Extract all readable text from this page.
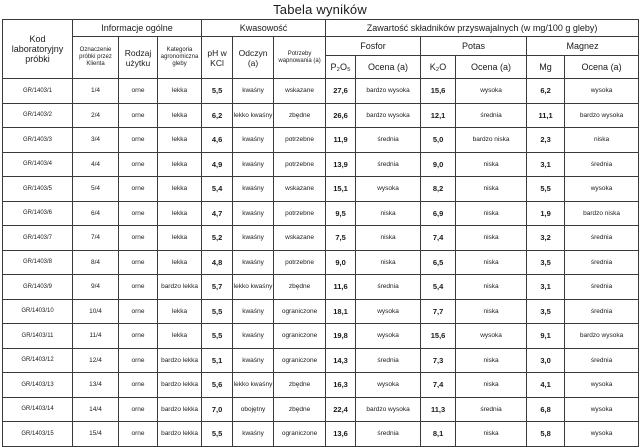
Tabela wyników
Kod laboratoryjny próbki	Informacje ogólne			Kwasowość			Zawartość składników przyswajalnych (w mg/100 g gleby)					
	Oznaczenie próbki przez Klienta	Rodzaj użytku	Kategoria agronomiczna gleby	pH w KCl	Odczyn (a)	Potrzeby wapnowania (a)	Fosfor		Potas		Magnez	
							P₂O₅	Ocena (a)	K₂O	Ocena (a)	Mg	Ocena (a)
GR/1403/1	1/4	orne	lekka	5,5	kwaśny	wskazane	27,6	bardzo wysoka	15,6	wysoka	6,2	wysoka
GR/1403/2	2/4	orne	lekka	6,2	lekko kwaśny	zbędne	26,6	bardzo wysoka	12,1	średnia	11,1	bardzo wysoka
GR/1403/3	3/4	orne	lekka	4,6	kwaśny	potrzebne	11,9	średnia	5,0	bardzo niska	2,3	niska
GR/1403/4	4/4	orne	lekka	4,9	kwaśny	potrzebne	13,9	średnia	9,0	niska	3,1	średnia
GR/1403/5	5/4	orne	lekka	5,4	kwaśny	wskazane	15,1	wysoka	8,2	niska	5,5	wysoka
GR/1403/6	6/4	orne	lekka	4,7	kwaśny	potrzebne	9,5	niska	6,9	niska	1,9	bardzo niska
GR/1403/7	7/4	orne	lekka	5,2	kwaśny	wskazane	7,5	niska	7,4	niska	3,2	średnia
GR/1403/8	8/4	orne	lekka	4,8	kwaśny	potrzebne	9,0	niska	6,5	niska	3,5	średnia
GR/1403/9	9/4	orne	bardzo lekka	5,7	lekko kwaśny	zbędne	11,6	średnia	5,4	niska	3,1	średnia
GR/1403/10	10/4	orne	lekka	5,5	kwaśny	ograniczone	18,1	wysoka	7,7	niska	3,5	średnia
GR/1403/11	11/4	orne	lekka	5,5	kwaśny	ograniczone	19,8	wysoka	15,6	wysoka	9,1	bardzo wysoka
GR/1403/12	12/4	orne	bardzo lekka	5,1	kwaśny	ograniczone	14,3	średnia	7,3	niska	3,0	średnia
GR/1403/13	13/4	orne	bardzo lekka	5,6	lekko kwaśny	zbędne	16,3	wysoka	7,4	niska	4,1	wysoka
GR/1403/14	14/4	orne	bardzo lekka	7,0	obojętny	zbędne	22,4	bardzo wysoka	11,3	średnia	6,8	wysoka
GR/1403/15	15/4	orne	bardzo lekka	5,5	kwaśny	ograniczone	13,6	średnia	8,1	niska	5,8	wysoka
